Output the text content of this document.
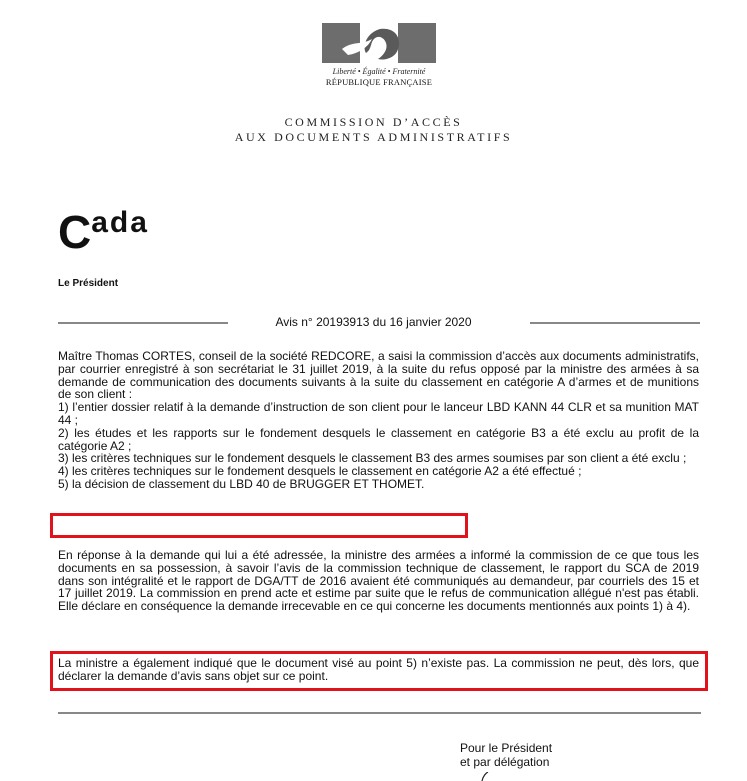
Liberté • Égalité • Fraternité
RÉPUBLIQUE FRANÇAISE
COMMISSION D’ACCÈS
AUX DOCUMENTS ADMINISTRATIFS
Cada
Le Président
Avis n° 20193913 du 16 janvier 2020
Maître Thomas CORTES, conseil de la société REDCORE, a saisi la commission d’accès aux documents administratifs, par courrier enregistré à son secrétariat le 31 juillet 2019, à la suite du refus opposé par la ministre des armées à sa demande de communication des documents suivants à la suite du classement en catégorie A d’armes et de munitions de son client :
1) l’entier dossier relatif à la demande d’instruction de son client pour le lanceur LBD KANN 44 CLR et sa munition MAT 44 ;
2) les études et les rapports sur le fondement desquels le classement en catégorie B3 a été exclu au profit de la catégorie A2 ;
3) les critères techniques sur le fondement desquels le classement B3 des armes soumises par son client a été exclu ;
4) les critères techniques sur le fondement desquels le classement en catégorie A2 a été effectué ;
5) la décision de classement du LBD 40 de BRUGGER ET THOMET.
En réponse à la demande qui lui a été adressée, la ministre des armées a informé la commission de ce que tous les documents en sa possession, à savoir l’avis de la commission technique de classement, le rapport du SCA de 2019 dans son intégralité et le rapport de DGA/TT de 2016 avaient été communiqués au demandeur, par courriels des 15 et 17 juillet 2019. La commission en prend acte et estime par suite que le refus de communication allégué n'est pas établi. Elle déclare en conséquence la demande irrecevable en ce qui concerne les documents mentionnés aux points 1) à 4).
La ministre a également indiqué que le document visé au point 5) n’existe pas. La commission ne peut, dès lors, que déclarer la demande d’avis sans objet sur ce point.
Pour le Président
et par délégation
